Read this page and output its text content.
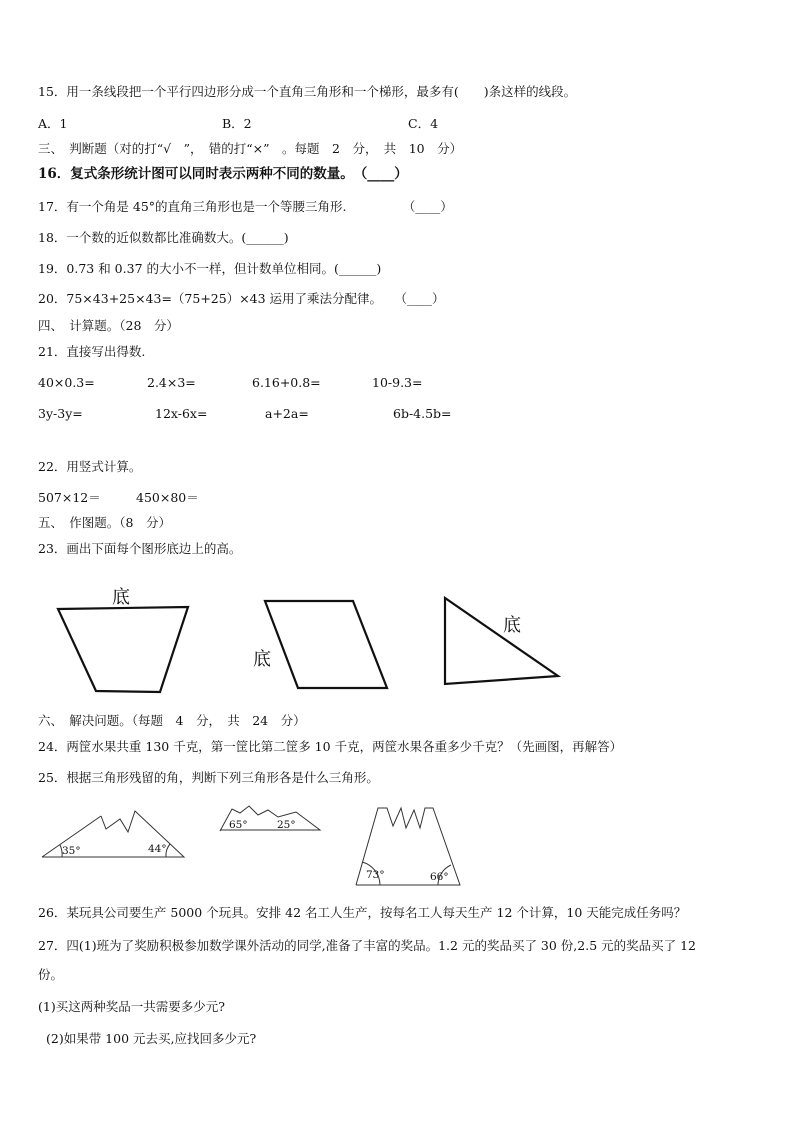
15．用一条线段把一个平行四边形分成一个直角三角形和一个梯形，最多有(　　)条这样的线段。
A．1	B．2	C．4
三、　判断题（对的打“√　”，　错的打“×”　。每题　2　分，　共　10　分）
16．复式条形统计图可以同时表示两种不同的数量。　（____）
17．有一个角是 45°的直角三角形也是一个等腰三角形.　　　　　（____）
18．一个数的近似数都比准确数大。(______)
19．0.73 和 0.37 的大小不一样，但计数单位相同。(______)
20．75×43+25×43=（75+25）×43 运用了乘法分配律。　　（____）
四、　计算题。（28　分）
21．直接写出得数.
40×0.3=	2.4×3=	6.16+0.8=	10-9.3=
3y-3y=	12x-6x=	a+2a=	6b-4.5b=
22．用竖式计算。
507×12＝	450×80＝
五、　作图题。（8　分）
23．画出下面每个图形底边上的高。
六、　解决问题。（每题　4　分，　共　24　分）
24．两筐水果共重 130 千克，第一筐比第二筐多 10 千克，两筐水果各重多少千克？（先画图，再解答）
25．根据三角形残留的角，判断下列三角形各是什么三角形。
26．某玩具公司要生产 5000 个玩具。安排 42 名工人生产，按每名工人每天生产 12 个计算，10 天能完成任务吗？
27．四(1)班为了奖励积极参加数学课外活动的同学,准备了丰富的奖品。1.2 元的奖品买了 30 份,2.5 元的奖品买了 12
份。
(1)买这两种奖品一共需要多少元?
(2)如果带 100 元去买,应找回多少元?
底
底
底
35°	44°
65°	25°
73°	66°
